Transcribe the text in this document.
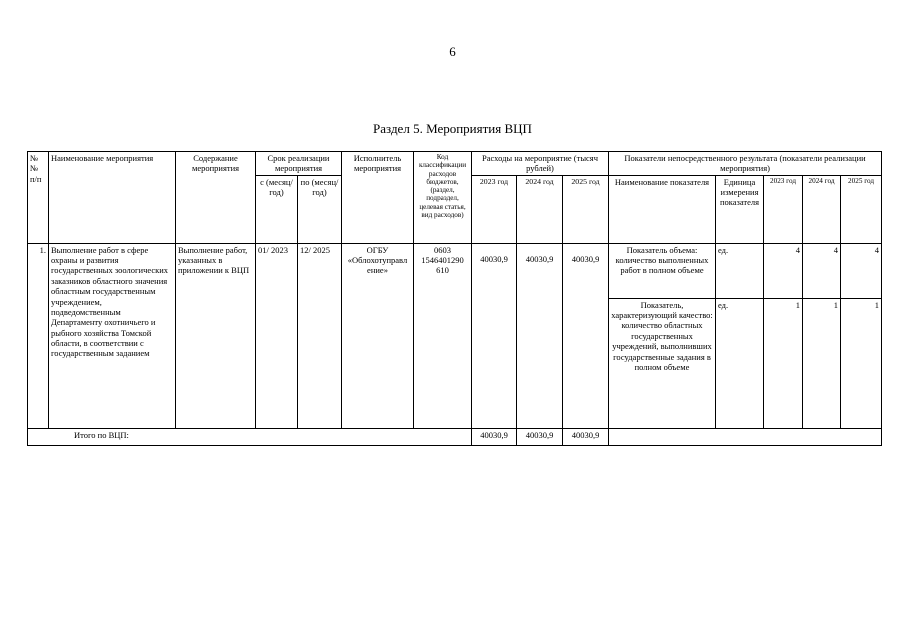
6
Раздел 5. Мероприятия ВЦП
№№ п/п	Наименование мероприятия	Содержание мероприятия	Срок реализации мероприятия		Исполнитель мероприятия	Код классификации расходов бюджетов, (раздел, подраздел, целевая статья, вид расходов)	Расходы на мероприятие (тысяч рублей)			Показатели непосредственного результата (показатели реализации мероприятия)				
			с (месяц/ год)	по (месяц/ год)			2023 год	2024 год	2025 год	Наименование показателя	Единица измерения показателя	2023 год	2024 год	2025 год

1.	Выполнение работ в сфере охраны и развития государственных зоологических заказников областного значения областным государственным учреждением, подведомственным Департаменту охотничьего и рыбного хозяйства Томской области, в соответствии с государственным заданием	Выполнение работ, указанных в приложении к ВЦП	01/ 2023	12/ 2025	ОГБУ «Облохотуправл ение»	0603 1546401290 610	40030,9	40030,9	40030,9	Показатель объема: количество выполненных работ в полном объеме	ед.	4	4	4
										Показатель, характеризующий качество: количество областных государственных учреждений, выполнивших государственные задания в полном объеме	ед.	1	1	1
Итого по ВЦП:							40030,9	40030,9	40030,9					
